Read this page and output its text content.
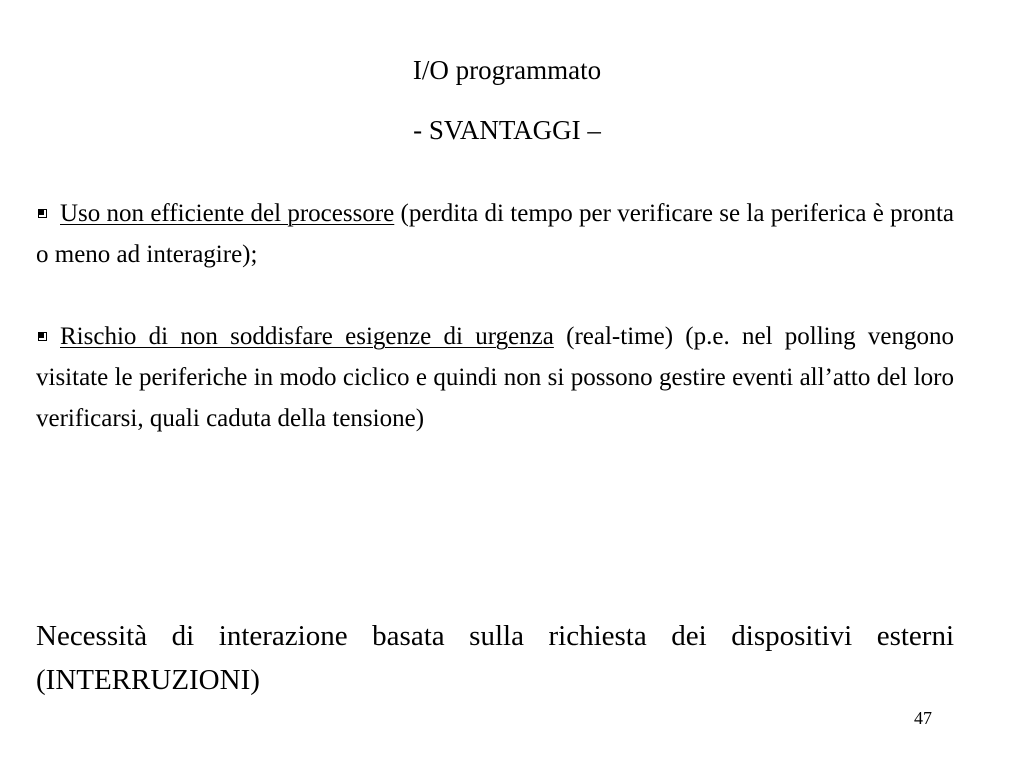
I/O programmato
- SVANTAGGI –
Uso non efficiente del processore (perdita di tempo per verificare se la periferica è pronta o meno ad interagire);
Rischio di non soddisfare esigenze di urgenza (real-time) (p.e. nel polling vengono visitate le periferiche in modo ciclico e quindi non si possono gestire eventi all’atto del loro verificarsi, quali caduta della tensione)
Necessità di interazione basata sulla richiesta dei dispositivi esterni (INTERRUZIONI)
47
